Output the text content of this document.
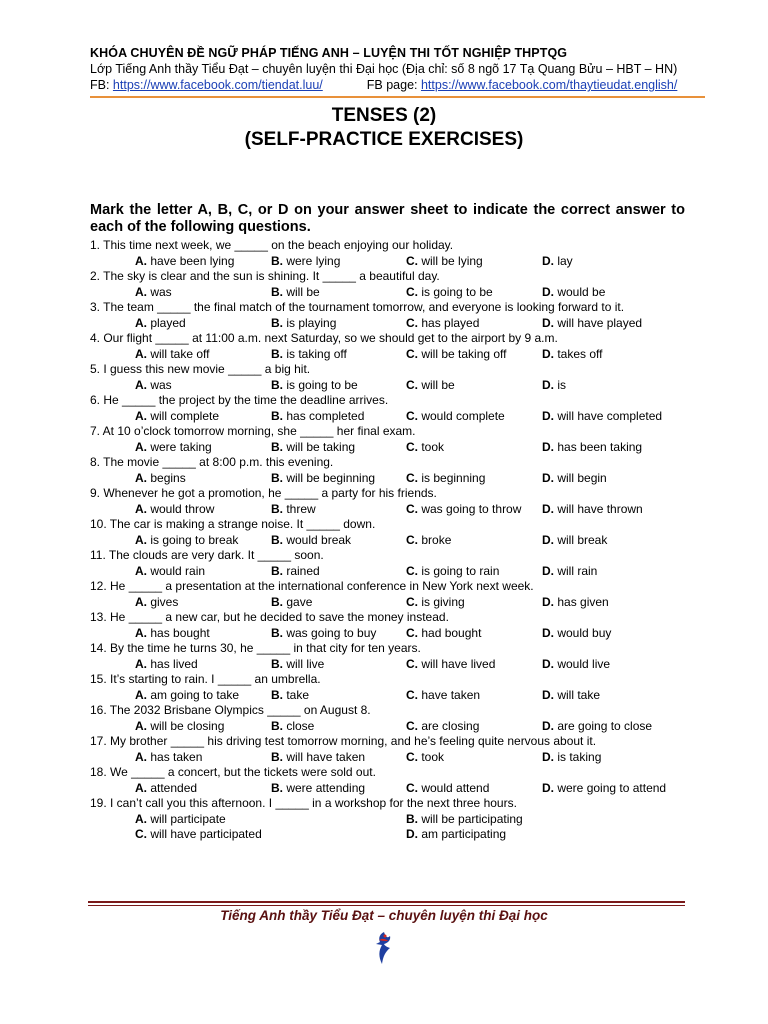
KHÓA CHUYÊN ĐỀ NGỮ PHÁP TIẾNG ANH – LUYỆN THI TỐT NGHIỆP THPTQG
Lớp Tiếng Anh thầy Tiểu Đạt – chuyên luyện thi Đại học (Địa chỉ: số 8 ngõ 17 Tạ Quang Bửu – HBT – HN)
FB: https://www.facebook.com/tiendat.luu/	FB page: https://www.facebook.com/thaytieudat.english/
TENSES (2)
(SELF-PRACTICE EXERCISES)
Mark the letter A, B, C, or D on your answer sheet to indicate the correct answer to each of the following questions.
1. This time next week, we _____ on the beach enjoying our holiday.
A. have been lying	B. were lying	C. will be lying	D. lay
2. The sky is clear and the sun is shining. It _____ a beautiful day.
A. was	B. will be	C. is going to be	D. would be
3. The team _____ the final match of the tournament tomorrow, and everyone is looking forward to it.
A. played	B. is playing	C. has played	D. will have played
4. Our flight _____ at 11:00 a.m. next Saturday, so we should get to the airport by 9 a.m.
A. will take off	B. is taking off	C. will be taking off	D. takes off
5. I guess this new movie _____ a big hit.
A. was	B. is going to be	C. will be	D. is
6. He _____ the project by the time the deadline arrives.
A. will complete	B. has completed	C. would complete	D. will have completed
7. At 10 o’clock tomorrow morning, she _____ her final exam.
A. were taking	B. will be taking	C. took	D. has been taking
8. The movie _____ at 8:00 p.m. this evening.
A. begins	B. will be beginning	C. is beginning	D. will begin
9. Whenever he got a promotion, he _____ a party for his friends.
A. would throw	B. threw	C. was going to throw D. will have thrown
10. The car is making a strange noise. It _____ down.
A. is going to break	B. would break	C. broke	D. will break
11. The clouds are very dark. It _____ soon.
A. would rain	B. rained	C. is going to rain	D. will rain
12. He _____ a presentation at the international conference in New York next week.
A. gives	B. gave	C. is giving	D. has given
13. He _____ a new car, but he decided to save the money instead.
A. has bought	B. was going to buy C. had bought	D. would buy
14. By the time he turns 30, he _____ in that city for ten years.
A. has lived	B. will live	C. will have lived	D. would live
15. It’s starting to rain. I _____ an umbrella.
A. am going to take	B. take	C. have taken	D. will take
16. The 2032 Brisbane Olympics _____ on August 8.
A. will be closing	B. close	C. are closing	D. are going to close
17. My brother _____ his driving test tomorrow morning, and he’s feeling quite nervous about it.
A. has taken	B. will have taken	C. took	D. is taking
18. We _____ a concert, but the tickets were sold out.
A. attended	B. were attending	C. would attend	D. were going to attend
19. I can’t call you this afternoon. I _____ in a workshop for the next three hours.
A. will participate	B. will be participating
C. will have participated	D. am participating
Tiếng Anh thầy Tiểu Đạt – chuyên luyện thi Đại học
